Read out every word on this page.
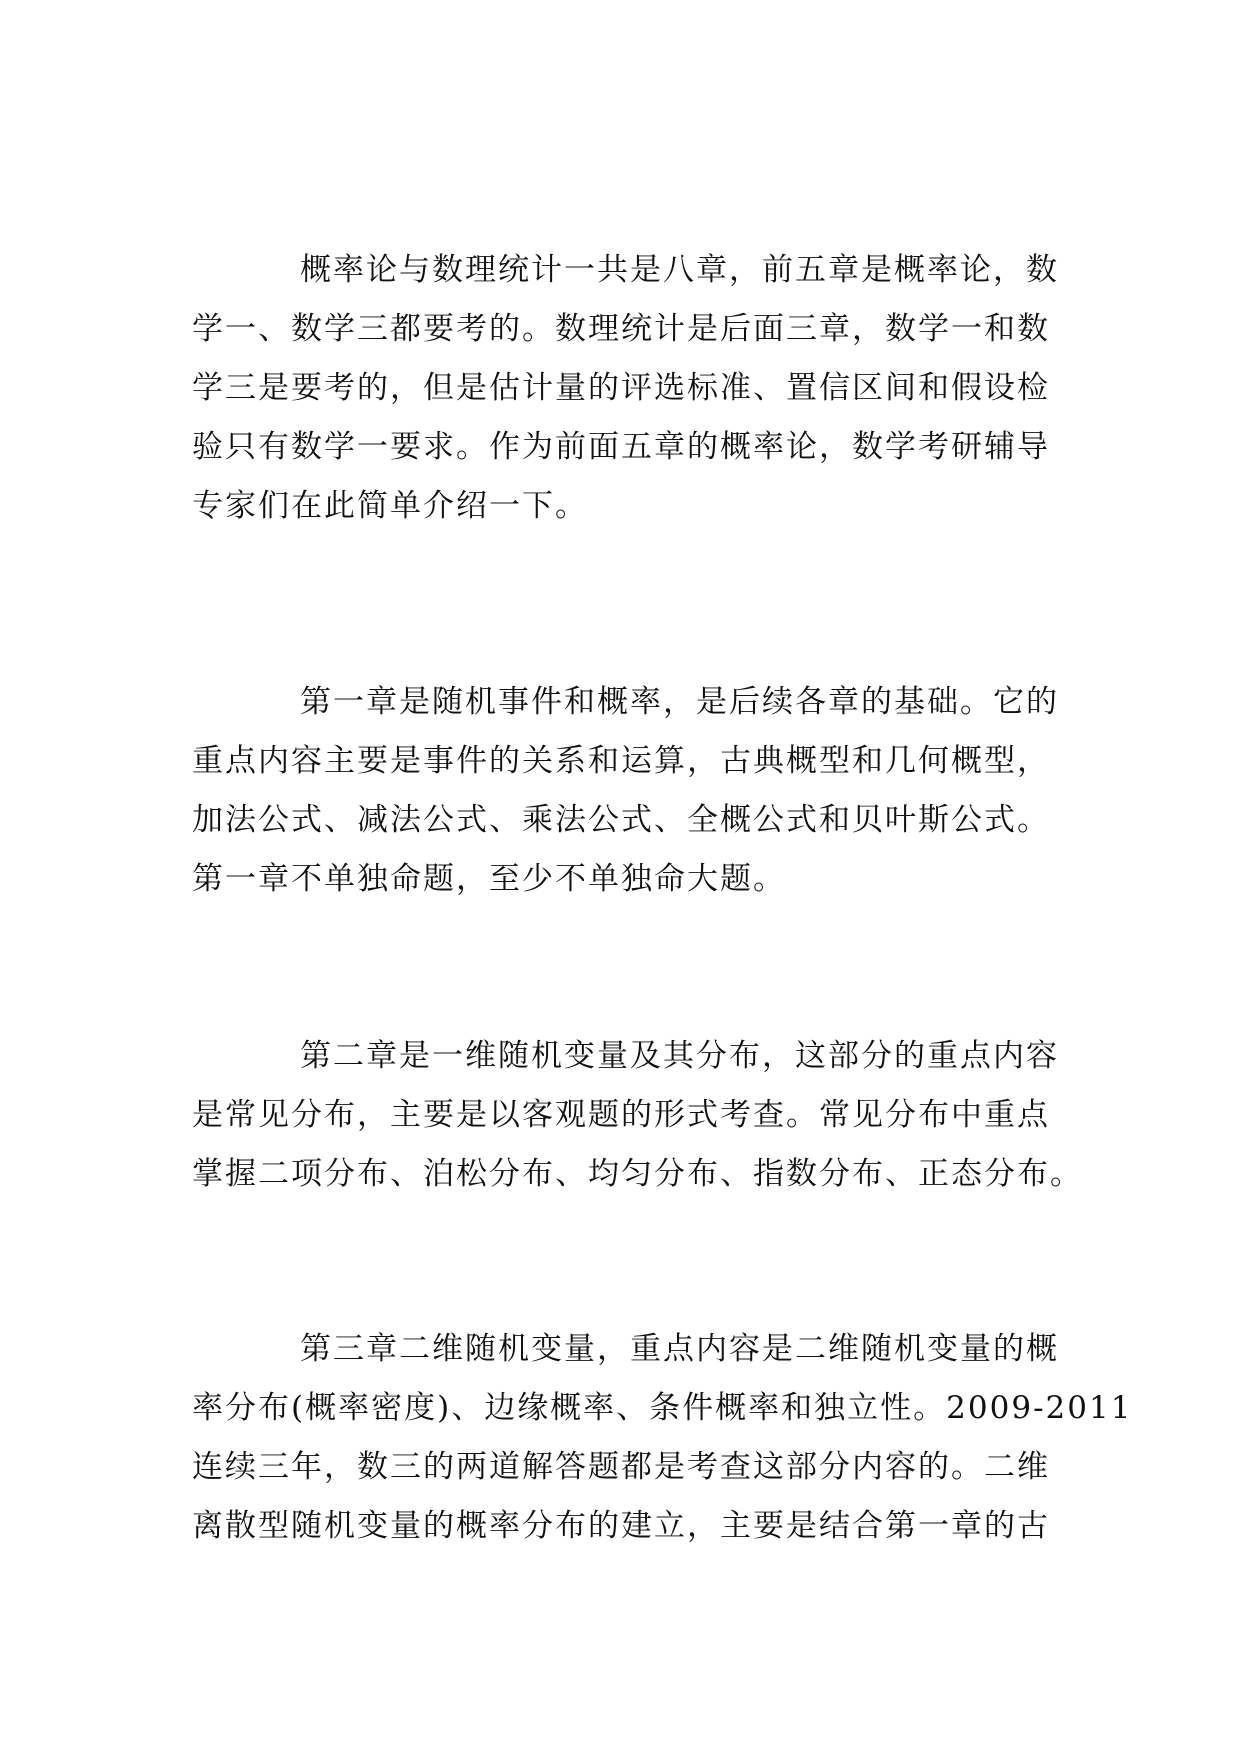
概率论与数理统计一共是八章，前五章是概率论，数

学一、数学三都要考的。数理统计是后面三章，数学一和数

学三是要考的，但是估计量的评选标准、置信区间和假设检

验只有数学一要求。作为前面五章的概率论，数学考研辅导

专家们在此简单介绍一下。

第一章是随机事件和概率，是后续各章的基础。它的

重点内容主要是事件的关系和运算，古典概型和几何概型，

加法公式、减法公式、乘法公式、全概公式和贝叶斯公式。

第一章不单独命题，至少不单独命大题。

第二章是一维随机变量及其分布，这部分的重点内容

是常见分布，主要是以客观题的形式考查。常见分布中重点

掌握二项分布、泊松分布、均匀分布、指数分布、正态分布。

第三章二维随机变量，重点内容是二维随机变量的概

率分布(概率密度)、边缘概率、条件概率和独立性。2009-2011

连续三年，数三的两道解答题都是考查这部分内容的。二维

离散型随机变量的概率分布的建立，主要是结合第一章的古
